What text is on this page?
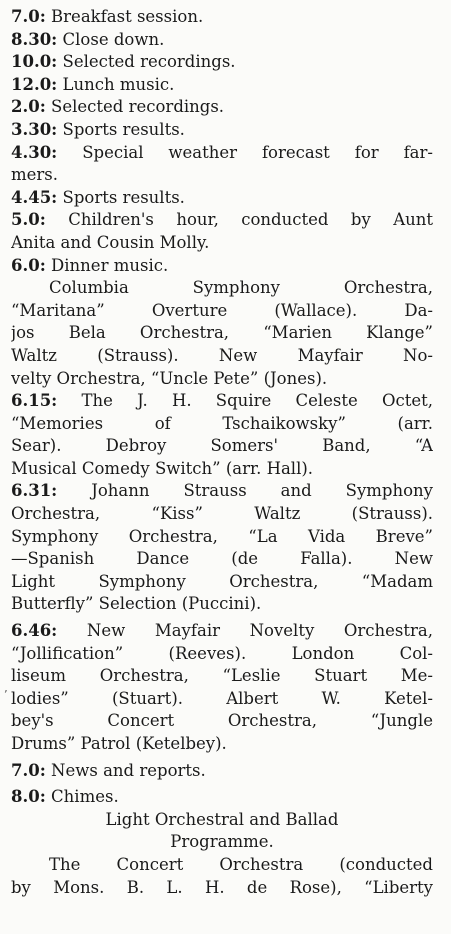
7.0: Breakfast session.
8.30: Close down.
10.0: Selected recordings.
12.0: Lunch music.
2.0: Selected recordings.
3.30: Sports results.
4.30: Special weather forecast for far-
mers.
4.45: Sports results.
5.0: Children's hour, conducted by Aunt
Anita and Cousin Molly.
6.0: Dinner music.
Columbia Symphony Orchestra,
“Maritana” Overture (Wallace). Da-
jos Bela Orchestra, “Marien Klange”
Waltz (Strauss). New Mayfair No-
velty Orchestra, “Uncle Pete” (Jones).
6.15: The J. H. Squire Celeste Octet,
“Memories of Tschaikowsky” (arr.
Sear). Debroy Somers' Band, “A
Musical Comedy Switch” (arr. Hall).
6.31: Johann Strauss and Symphony
Orchestra, “Kiss” Waltz (Strauss).
Symphony Orchestra, “La Vida Breve”
—Spanish Dance (de Falla). New
Light Symphony Orchestra, “Madam
Butterfly” Selection (Puccini).
6.46: New Mayfair Novelty Orchestra,
“Jollification” (Reeves). London Col-
liseum Orchestra, “Leslie Stuart Me-
lodies” (Stuart). Albert W. Ketel-
bey's Concert Orchestra, “Jungle
Drums” Patrol (Ketelbey).
7.0: News and reports.
8.0: Chimes.
Light Orchestral and Ballad
Programme.
The Concert Orchestra (conducted
by Mons. B. L. H. de Rose), “Liberty
’
